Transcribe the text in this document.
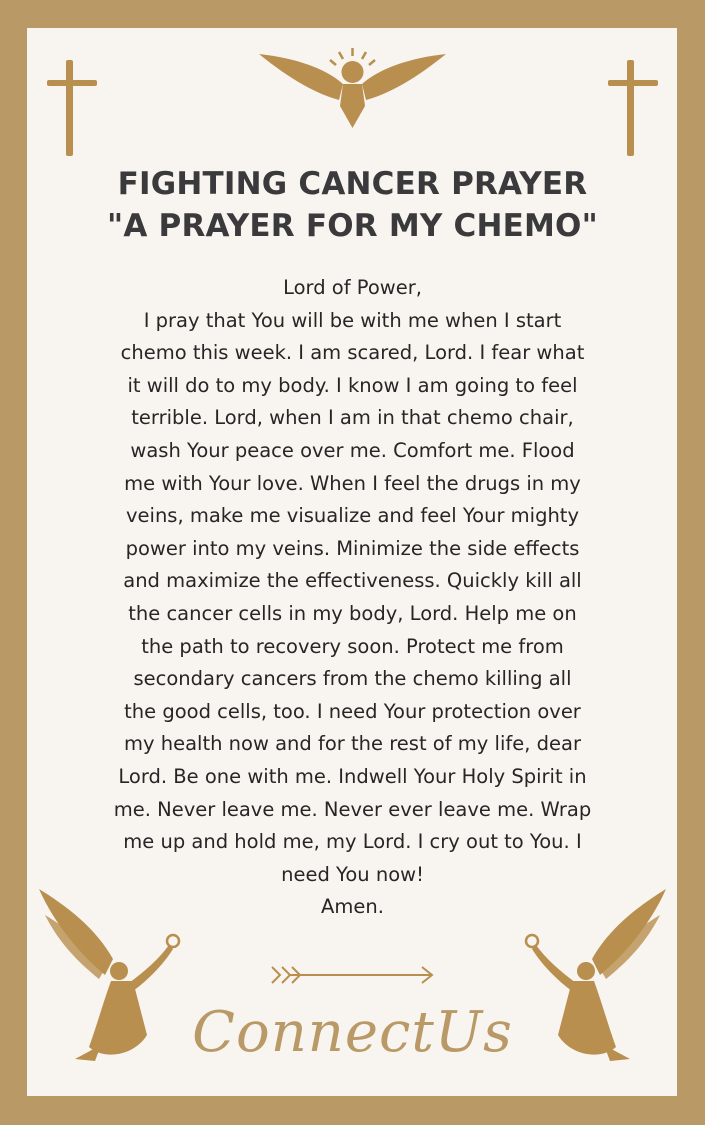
FIGHTING CANCER PRAYER
"A PRAYER FOR MY CHEMO"
Lord of Power,
I pray that You will be with me when I start
chemo this week. I am scared, Lord. I fear what
it will do to my body. I know I am going to feel
terrible. Lord, when I am in that chemo chair,
wash Your peace over me. Comfort me. Flood
me with Your love. When I feel the drugs in my
veins, make me visualize and feel Your mighty
power into my veins. Minimize the side effects
and maximize the effectiveness. Quickly kill all
the cancer cells in my body, Lord. Help me on
the path to recovery soon. Protect me from
secondary cancers from the chemo killing all
the good cells, too. I need Your protection over
my health now and for the rest of my life, dear
Lord. Be one with me. Indwell Your Holy Spirit in
me. Never leave me. Never ever leave me. Wrap
me up and hold me, my Lord. I cry out to You. I
need You now!
Amen.
ConnectUs
